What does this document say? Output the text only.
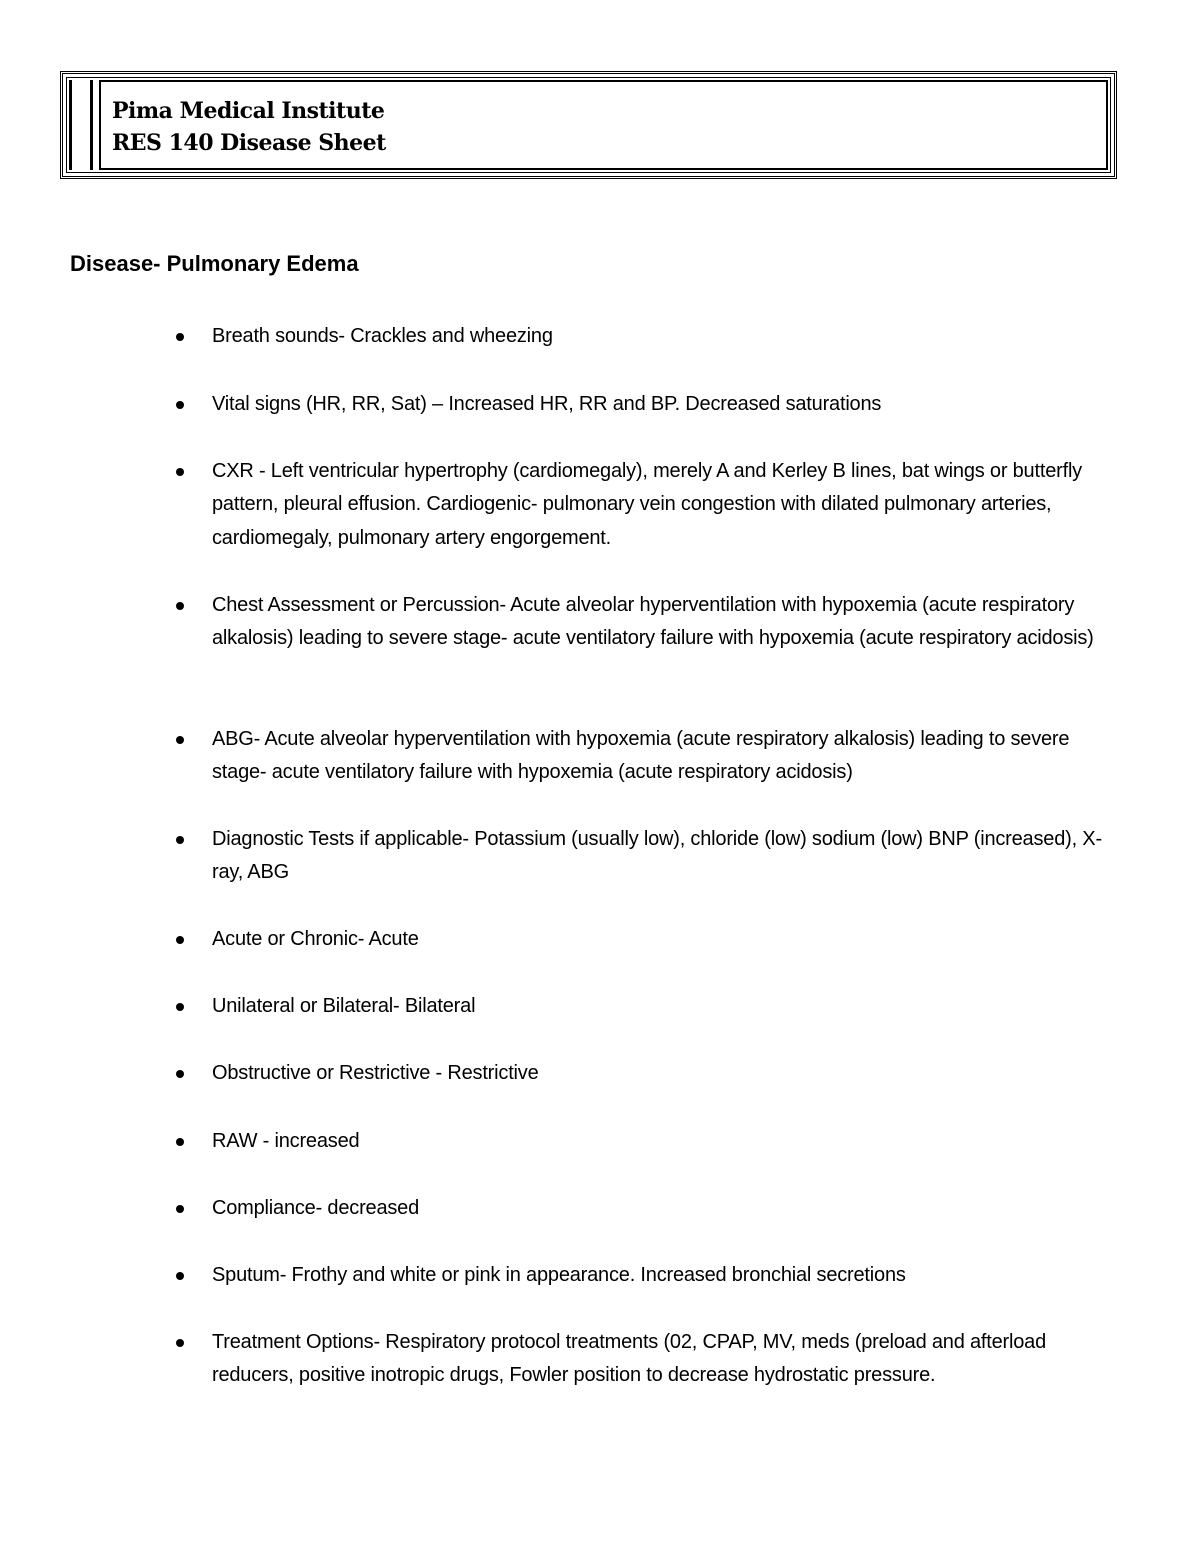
Pima Medical Institute
RES 140 Disease Sheet
Disease- Pulmonary Edema
Breath sounds- Crackles and wheezing
Vital signs (HR, RR, Sat) – Increased HR, RR and BP. Decreased saturations
CXR - Left ventricular hypertrophy (cardiomegaly), merely A and Kerley B lines, bat wings or butterfly pattern, pleural effusion. Cardiogenic- pulmonary vein congestion with dilated pulmonary arteries, cardiomegaly, pulmonary artery engorgement.
Chest Assessment or Percussion- Acute alveolar hyperventilation with hypoxemia (acute respiratory alkalosis) leading to severe stage- acute ventilatory failure with hypoxemia (acute respiratory acidosis)
ABG- Acute alveolar hyperventilation with hypoxemia (acute respiratory alkalosis) leading to severe stage- acute ventilatory failure with hypoxemia (acute respiratory acidosis)
Diagnostic Tests if applicable- Potassium (usually low), chloride (low) sodium (low) BNP (increased), X-ray, ABG
Acute or Chronic- Acute
Unilateral or Bilateral- Bilateral
Obstructive or Restrictive - Restrictive
RAW - increased
Compliance- decreased
Sputum- Frothy and white or pink in appearance. Increased bronchial secretions
Treatment Options- Respiratory protocol treatments (02, CPAP, MV, meds (preload and afterload reducers, positive inotropic drugs, Fowler position to decrease hydrostatic pressure.
